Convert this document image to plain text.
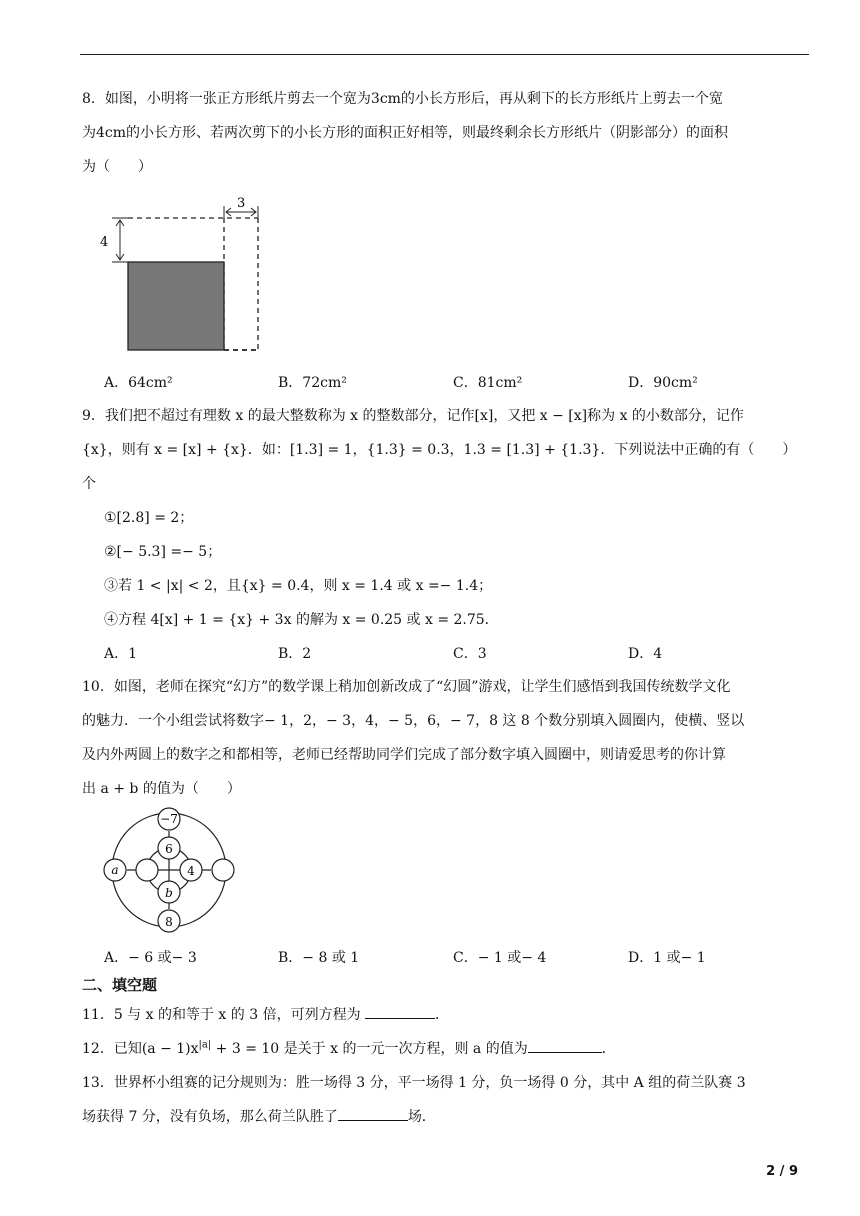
8．如图，小明将一张正方形纸片剪去一个宽为3cm的小长方形后，再从剩下的长方形纸片上剪去一个宽
为4cm的小长方形、若两次剪下的小长方形的面积正好相等，则最终剩余长方形纸片（阴影部分）的面积
为（　　）
4
3
A．64cm²	B．72cm²	C．81cm²	D．90cm²
9．我们把不超过有理数 x 的最大整数称为 x 的整数部分，记作[x]，又把 x − [x]称为 x 的小数部分，记作
{x}，则有 x = [x] + {x}．如：[1.3] = 1，{1.3} = 0.3，1.3 = [1.3] + {1.3}．下列说法中正确的有（　　）
个
①[2.8] = 2；
②[− 5.3] =− 5；
③若 1 < |x| < 2，且{x} = 0.4，则 x = 1.4 或 x =− 1.4；
④方程 4[x] + 1 = {x} + 3x 的解为 x = 0.25 或 x = 2.75．
A．1	B．2	C．3	D．4
10．如图，老师在探究“幻方”的数学课上稍加创新改成了“幻圆”游戏，让学生们感悟到我国传统数学文化
的魅力．一个小组尝试将数字− 1，2，− 3，4，− 5，6，− 7，8 这 8 个数分别填入圆圈内，使横、竖以
及内外两圆上的数字之和都相等，老师已经帮助同学们完成了部分数字填入圆圈中，则请爱思考的你计算
出 a + b 的值为（　　）
−7
6
4
b
8
a
A．− 6 或− 3	B．− 8 或 1	C．− 1 或− 4	D．1 或− 1
二、填空题
11．5 与 x 的和等于 x 的 3 倍，可列方程为	．
12．已知$(a - 1)x^{|a|} + 3 = 10$ 是关于 x 的一元一次方程，则 a 的值为	．
13．世界杯小组赛的记分规则为：胜一场得 3 分，平一场得 1 分，负一场得 0 分，其中 A 组的荷兰队赛 3
场获得 7 分，没有负场，那么荷兰队胜了	场．
2 / 9
